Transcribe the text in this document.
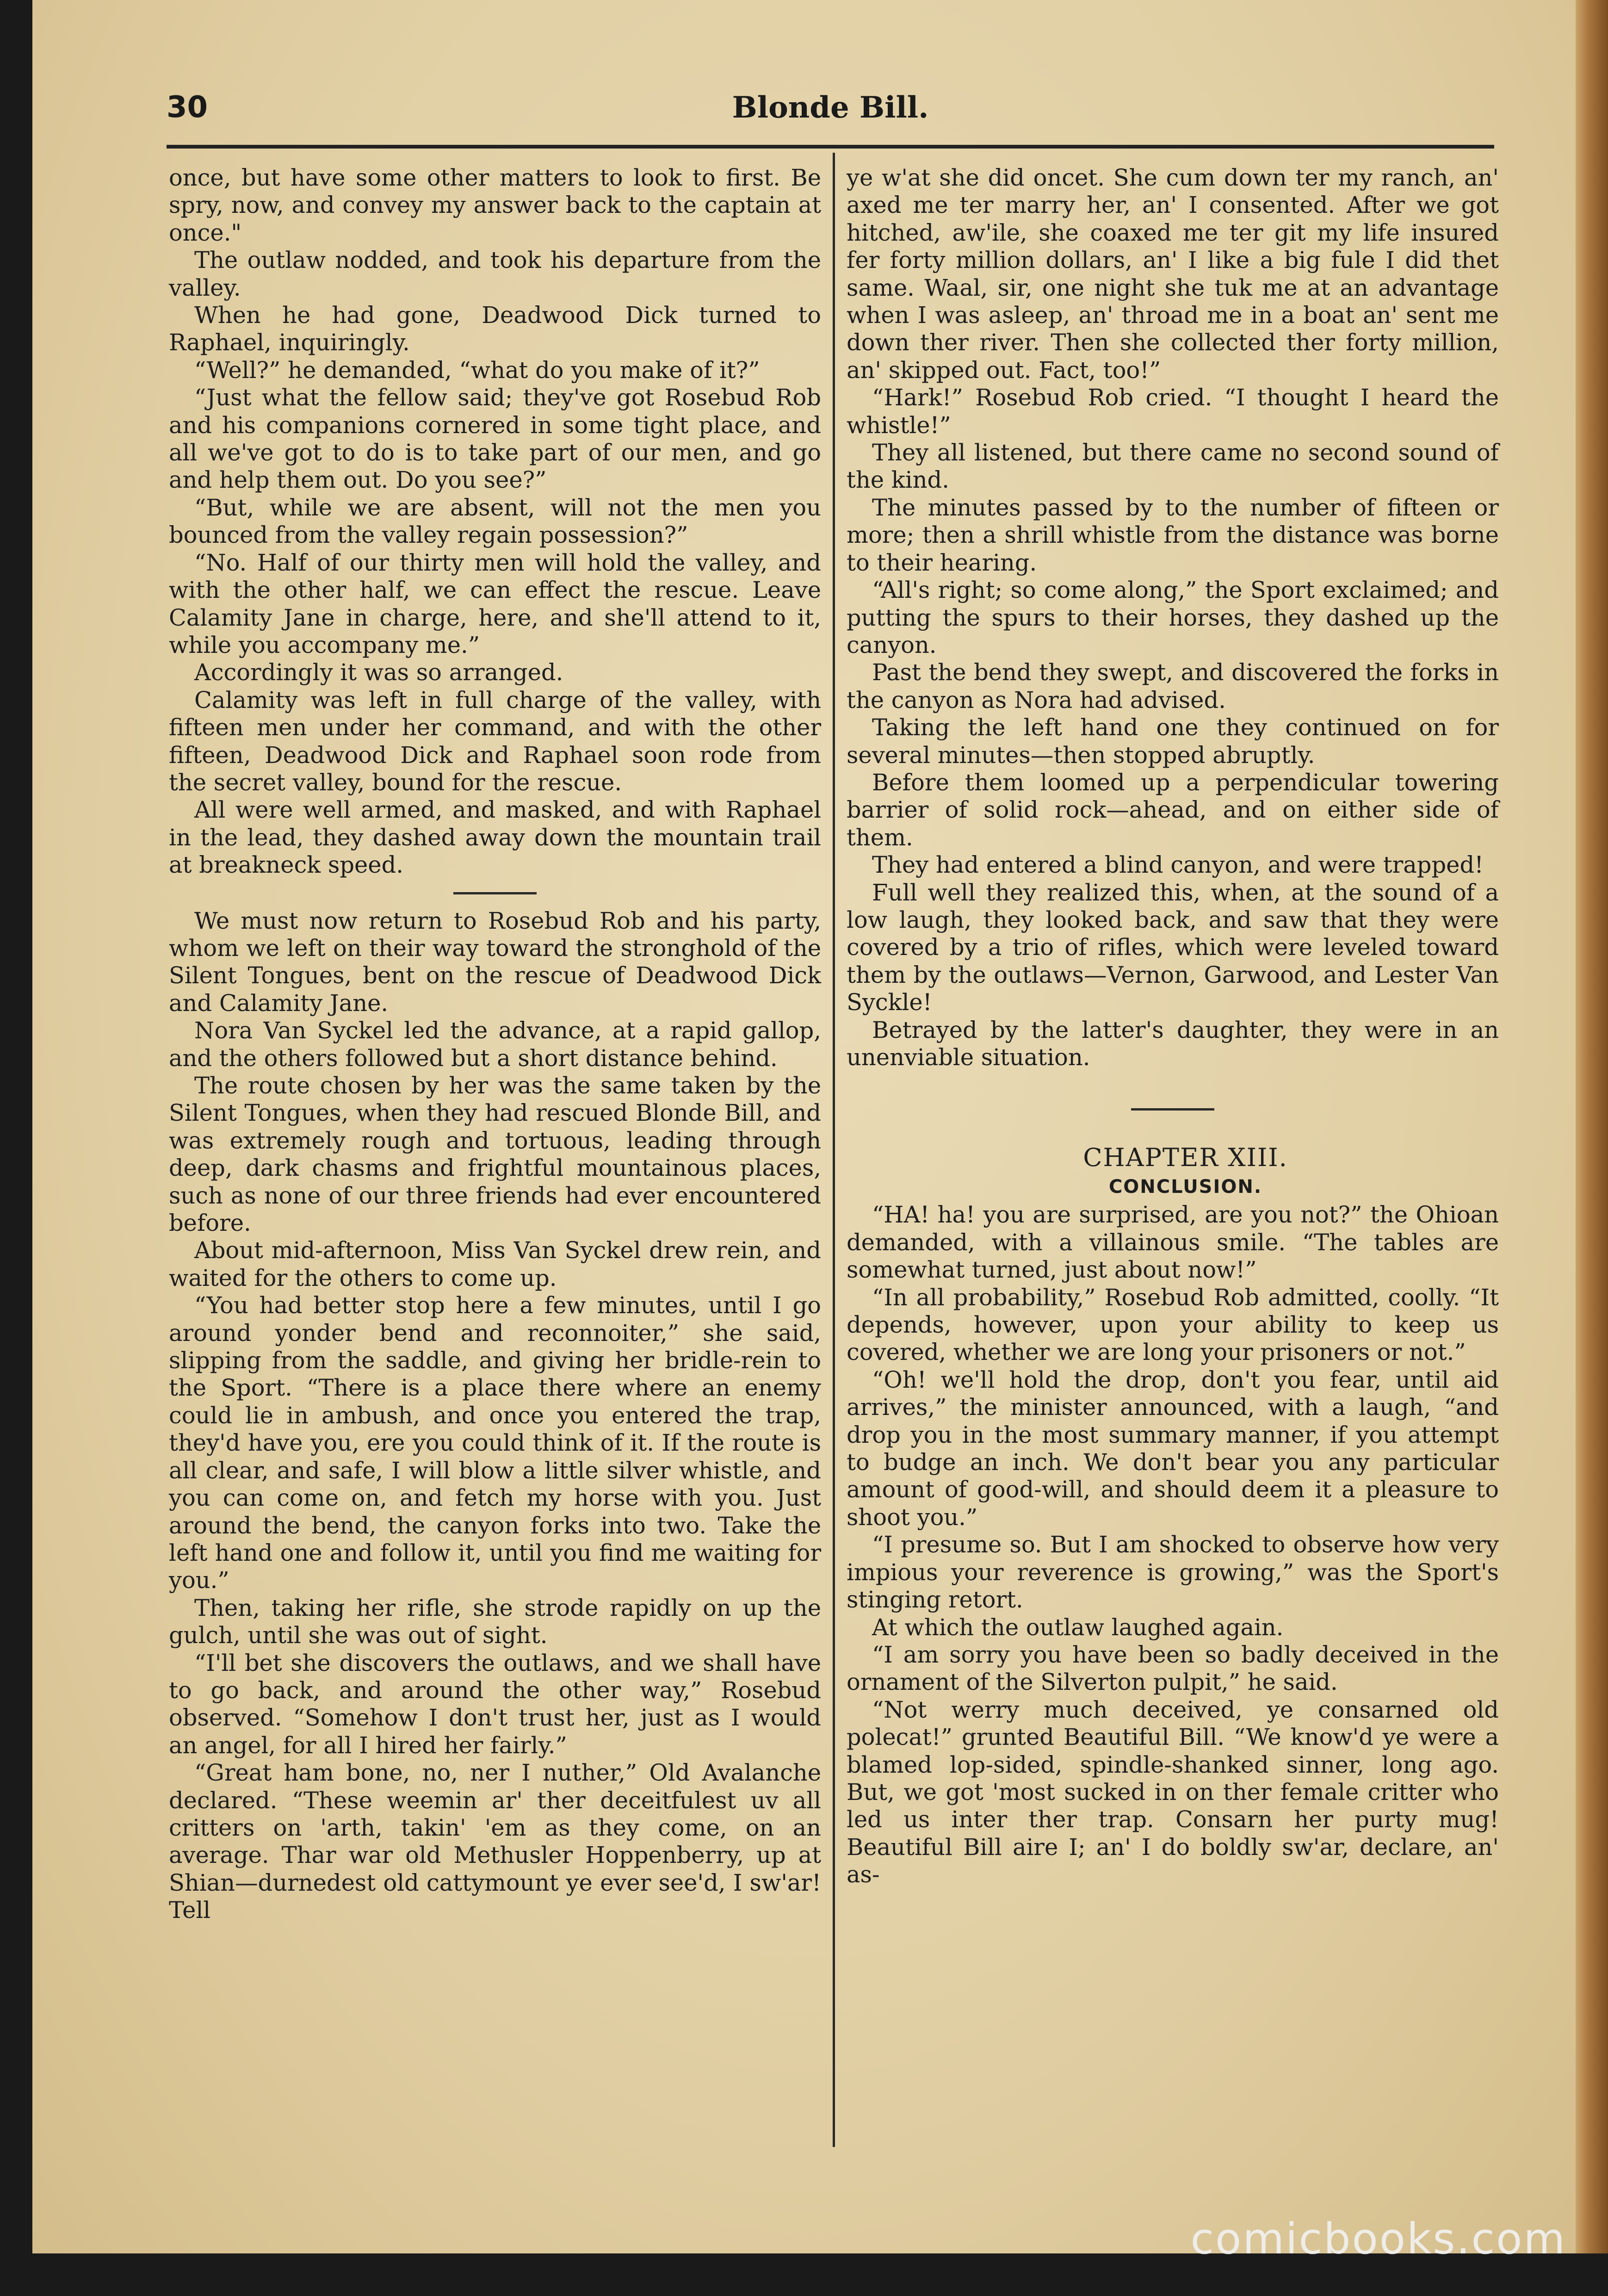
30	Blonde Bill.

once, but have some other matters to look to first. Be spry, now, and convey my answer back to the captain at once."

The outlaw nodded, and took his departure from the valley.

When he had gone, Deadwood Dick turned to Raphael, inquiringly.

“Well?” he demanded, “what do you make of it?”

“Just what the fellow said; they've got Rosebud Rob and his companions cornered in some tight place, and all we've got to do is to take part of our men, and go and help them out. Do you see?”

“But, while we are absent, will not the men you bounced from the valley regain possession?”

“No. Half of our thirty men will hold the valley, and with the other half, we can effect the rescue. Leave Calamity Jane in charge, here, and she'll attend to it, while you accompany me.”

Accordingly it was so arranged.

Calamity was left in full charge of the valley, with fifteen men under her command, and with the other fifteen, Deadwood Dick and Raphael soon rode from the secret valley, bound for the rescue.

All were well armed, and masked, and with Raphael in the lead, they dashed away down the mountain trail at breakneck speed.

We must now return to Rosebud Rob and his party, whom we left on their way toward the stronghold of the Silent Tongues, bent on the rescue of Deadwood Dick and Calamity Jane.

Nora Van Syckel led the advance, at a rapid gallop, and the others followed but a short distance behind.

The route chosen by her was the same taken by the Silent Tongues, when they had rescued Blonde Bill, and was extremely rough and tortuous, leading through deep, dark chasms and frightful mountainous places, such as none of our three friends had ever encountered before.

About mid-afternoon, Miss Van Syckel drew rein, and waited for the others to come up.

“You had better stop here a few minutes, until I go around yonder bend and reconnoiter,” she said, slipping from the saddle, and giving her bridle-rein to the Sport. “There is a place there where an enemy could lie in ambush, and once you entered the trap, they'd have you, ere you could think of it. If the route is all clear, and safe, I will blow a little silver whistle, and you can come on, and fetch my horse with you. Just around the bend, the canyon forks into two. Take the left hand one and follow it, until you find me waiting for you.”

Then, taking her rifle, she strode rapidly on up the gulch, until she was out of sight.

“I'll bet she discovers the outlaws, and we shall have to go back, and around the other way,” Rosebud observed. “Somehow I don't trust her, just as I would an angel, for all I hired her fairly.”

“Great ham bone, no, ner I nuther,” Old Avalanche declared. “These weemin ar' ther deceitfulest uv all critters on 'arth, takin' 'em as they come, on an average. Thar war old Methusler Hoppenberry, up at Shian—durnedest old cattymount ye ever see'd, I sw'ar! Tell

ye w'at she did oncet. She cum down ter my ranch, an' axed me ter marry her, an' I consented. After we got hitched, aw'ile, she coaxed me ter git my life insured fer forty million dollars, an' I like a big fule I did thet same. Waal, sir, one night she tuk me at an advantage when I was asleep, an' throad me in a boat an' sent me down ther river. Then she collected ther forty million, an' skipped out. Fact, too!”

“Hark!” Rosebud Rob cried. “I thought I heard the whistle!”

They all listened, but there came no second sound of the kind.

The minutes passed by to the number of fifteen or more; then a shrill whistle from the distance was borne to their hearing.

“All's right; so come along,” the Sport exclaimed; and putting the spurs to their horses, they dashed up the canyon.

Past the bend they swept, and discovered the forks in the canyon as Nora had advised.

Taking the left hand one they continued on for several minutes—then stopped abruptly.

Before them loomed up a perpendicular towering barrier of solid rock—ahead, and on either side of them.

They had entered a blind canyon, and were trapped!

Full well they realized this, when, at the sound of a low laugh, they looked back, and saw that they were covered by a trio of rifles, which were leveled toward them by the outlaws—Vernon, Garwood, and Lester Van Syckle!

Betrayed by the latter's daughter, they were in an unenviable situation.

CHAPTER XIII.

CONCLUSION.

“HA! ha! you are surprised, are you not?” the Ohioan demanded, with a villainous smile. “The tables are somewhat turned, just about now!”

“In all probability,” Rosebud Rob admitted, coolly. “It depends, however, upon your ability to keep us covered, whether we are long your prisoners or not.”

“Oh! we'll hold the drop, don't you fear, until aid arrives,” the minister announced, with a laugh, “and drop you in the most summary manner, if you attempt to budge an inch. We don't bear you any particular amount of good-will, and should deem it a pleasure to shoot you.”

“I presume so. But I am shocked to observe how very impious your reverence is growing,” was the Sport's stinging retort.

At which the outlaw laughed again.

“I am sorry you have been so badly deceived in the ornament of the Silverton pulpit,” he said.

“Not werry much deceived, ye consarned old polecat!” grunted Beautiful Bill. “We know'd ye were a blamed lop-sided, spindle-shanked sinner, long ago. But, we got 'most sucked in on ther female critter who led us inter ther trap. Consarn her purty mug! Beautiful Bill aire I; an' I do boldly sw'ar, declare, an' as-

comicbooks.com
